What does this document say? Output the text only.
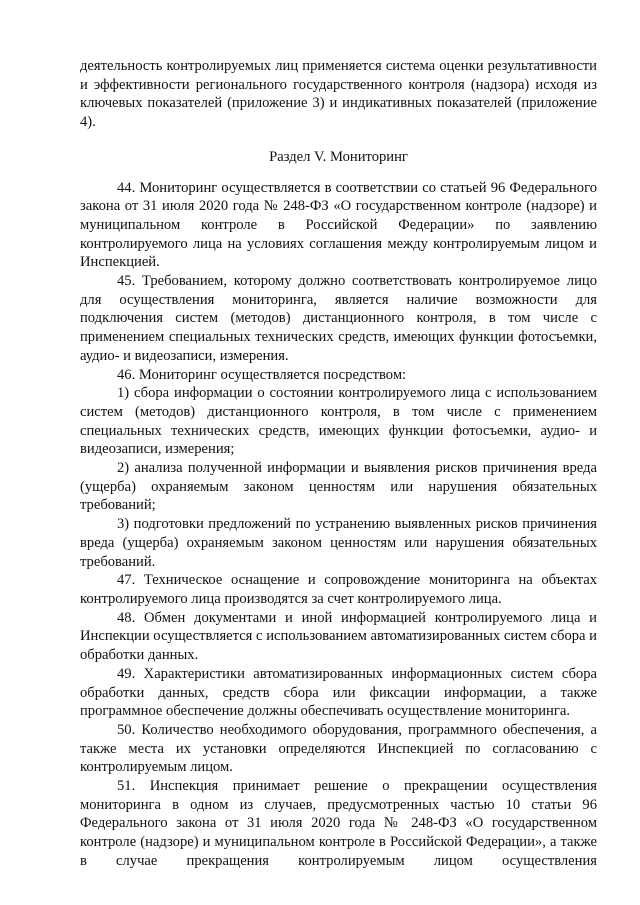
деятельность контролируемых лиц применяется система оценки результативности и эффективности регионального государственного контроля (надзора) исходя из ключевых показателей (приложение 3) и индикативных показателей (приложение 4).

Раздел V. Мониторинг

44. Мониторинг осуществляется в соответствии со статьей 96 Федерального закона от 31 июля 2020 года № 248-ФЗ «О государственном контроле (надзоре) и муниципальном контроле в Российской Федерации» по заявлению контролируемого лица на условиях соглашения между контролируемым лицом и Инспекцией.

45. Требованием, которому должно соответствовать контролируемое лицо для осуществления мониторинга, является наличие возможности для подключения систем (методов) дистанционного контроля, в том числе с применением специальных технических средств, имеющих функции фотосъемки, аудио- и видеозаписи, измерения.

46. Мониторинг осуществляется посредством:

1) сбора информации о состоянии контролируемого лица с использованием систем (методов) дистанционного контроля, в том числе с применением специальных технических средств, имеющих функции фотосъемки, аудио- и видеозаписи, измерения;

2) анализа полученной информации и выявления рисков причинения вреда (ущерба) охраняемым законом ценностям или нарушения обязательных требований;

3) подготовки предложений по устранению выявленных рисков причинения вреда (ущерба) охраняемым законом ценностям или нарушения обязательных требований.

47. Техническое оснащение и сопровождение мониторинга на объектах контролируемого лица производятся за счет контролируемого лица.

48. Обмен документами и иной информацией контролируемого лица и Инспекции осуществляется с использованием автоматизированных систем сбора и обработки данных.

49. Характеристики автоматизированных информационных систем сбора обработки данных, средств сбора или фиксации информации, а также программное обеспечение должны обеспечивать осуществление мониторинга.

50. Количество необходимого оборудования, программного обеспечения, а также места их установки определяются Инспекцией по согласованию с контролируемым лицом.

51. Инспекция принимает решение о прекращении осуществления мониторинга в одном из случаев, предусмотренных частью 10 статьи 96 Федерального закона от 31 июля 2020 года № 248-ФЗ «О государственном контроле (надзоре) и муниципальном контроле в Российской Федерации», а также в случае прекращения контролируемым лицом осуществления
